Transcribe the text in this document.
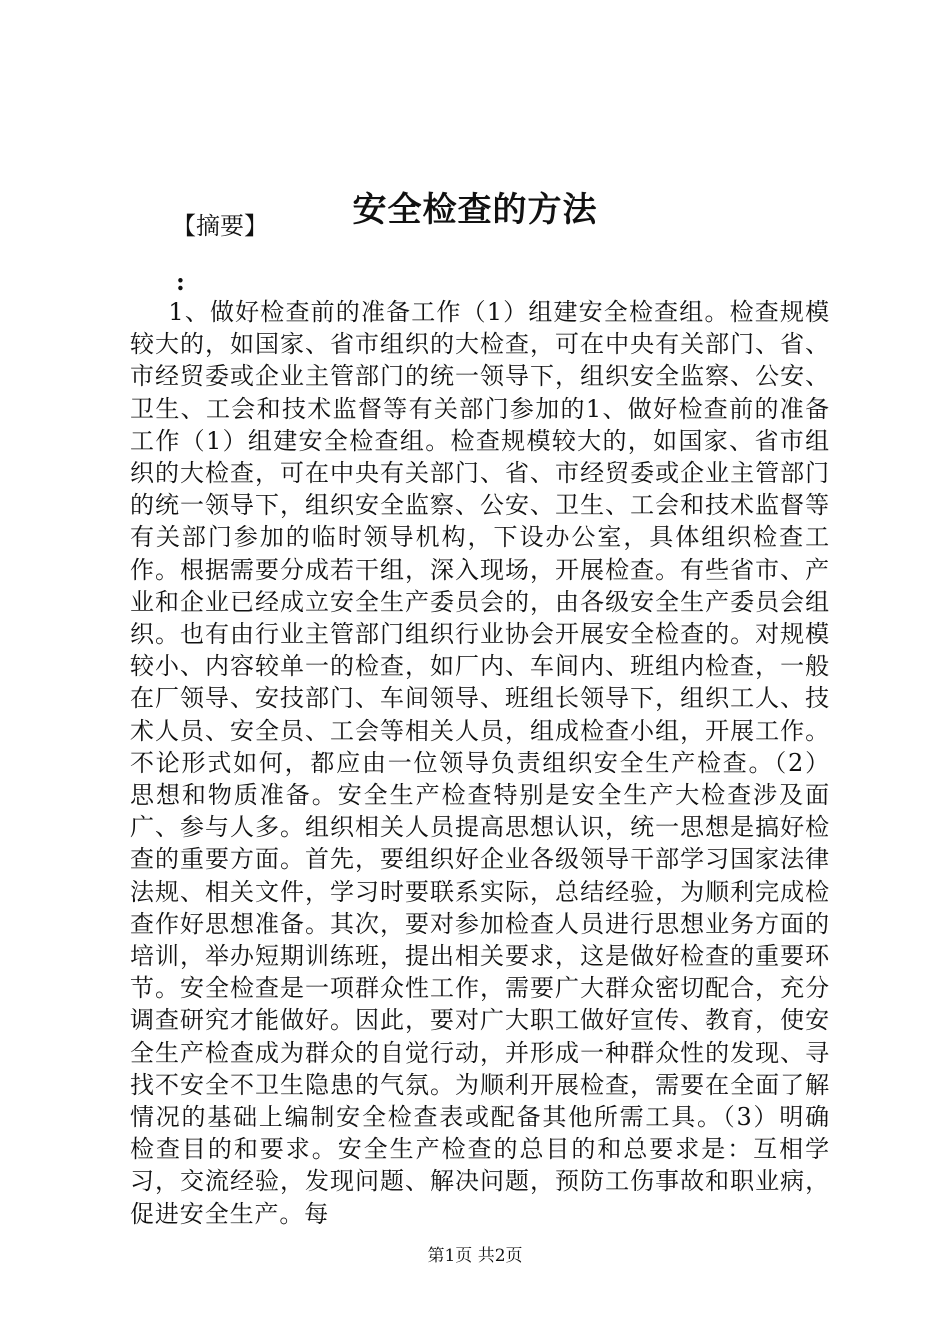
安全检查的方法

【摘要】

:

1、做好检查前的准备工作（1）组建安全检查组。检查规模较大的，如国家、省市组织的大检查，可在中央有关部门、省、市经贸委或企业主管部门的统一领导下，组织安全监察、公安、卫生、工会和技术监督等有关部门参加的1、做好检查前的准备工作（1）组建安全检查组。检查规模较大的，如国家、省市组织的大检查，可在中央有关部门、省、市经贸委或企业主管部门的统一领导下，组织安全监察、公安、卫生、工会和技术监督等有关部门参加的临时领导机构，下设办公室，具体组织检查工作。根据需要分成若干组，深入现场，开展检查。有些省市、产业和企业已经成立安全生产委员会的，由各级安全生产委员会组织。也有由行业主管部门组织行业协会开展安全检查的。对规模较小、内容较单一的检查，如厂内、车间内、班组内检查，一般在厂领导、安技部门、车间领导、班组长领导下，组织工人、技术人员、安全员、工会等相关人员，组成检查小组，开展工作。不论形式如何，都应由一位领导负责组织安全生产检查。（2）思想和物质准备。安全生产检查特别是安全生产大检查涉及面广、参与人多。组织相关人员提高思想认识，统一思想是搞好检查的重要方面。首先，要组织好企业各级领导干部学习国家法律法规、相关文件，学习时要联系实际，总结经验，为顺利完成检查作好思想准备。其次，要对参加检查人员进行思想业务方面的培训，举办短期训练班，提出相关要求，这是做好检查的重要环节。安全检查是一项群众性工作，需要广大群众密切配合，充分调查研究才能做好。因此，要对广大职工做好宣传、教育，使安全生产检查成为群众的自觉行动，并形成一种群众性的发现、寻找不安全不卫生隐患的气氛。为顺利开展检查，需要在全面了解情况的基础上编制安全检查表或配备其他所需工具。（3）明确检查目的和要求。安全生产检查的总目的和总要求是：互相学习，交流经验，发现问题、解决问题，预防工伤事故和职业病，促进安全生产。每

第1页 共2页
